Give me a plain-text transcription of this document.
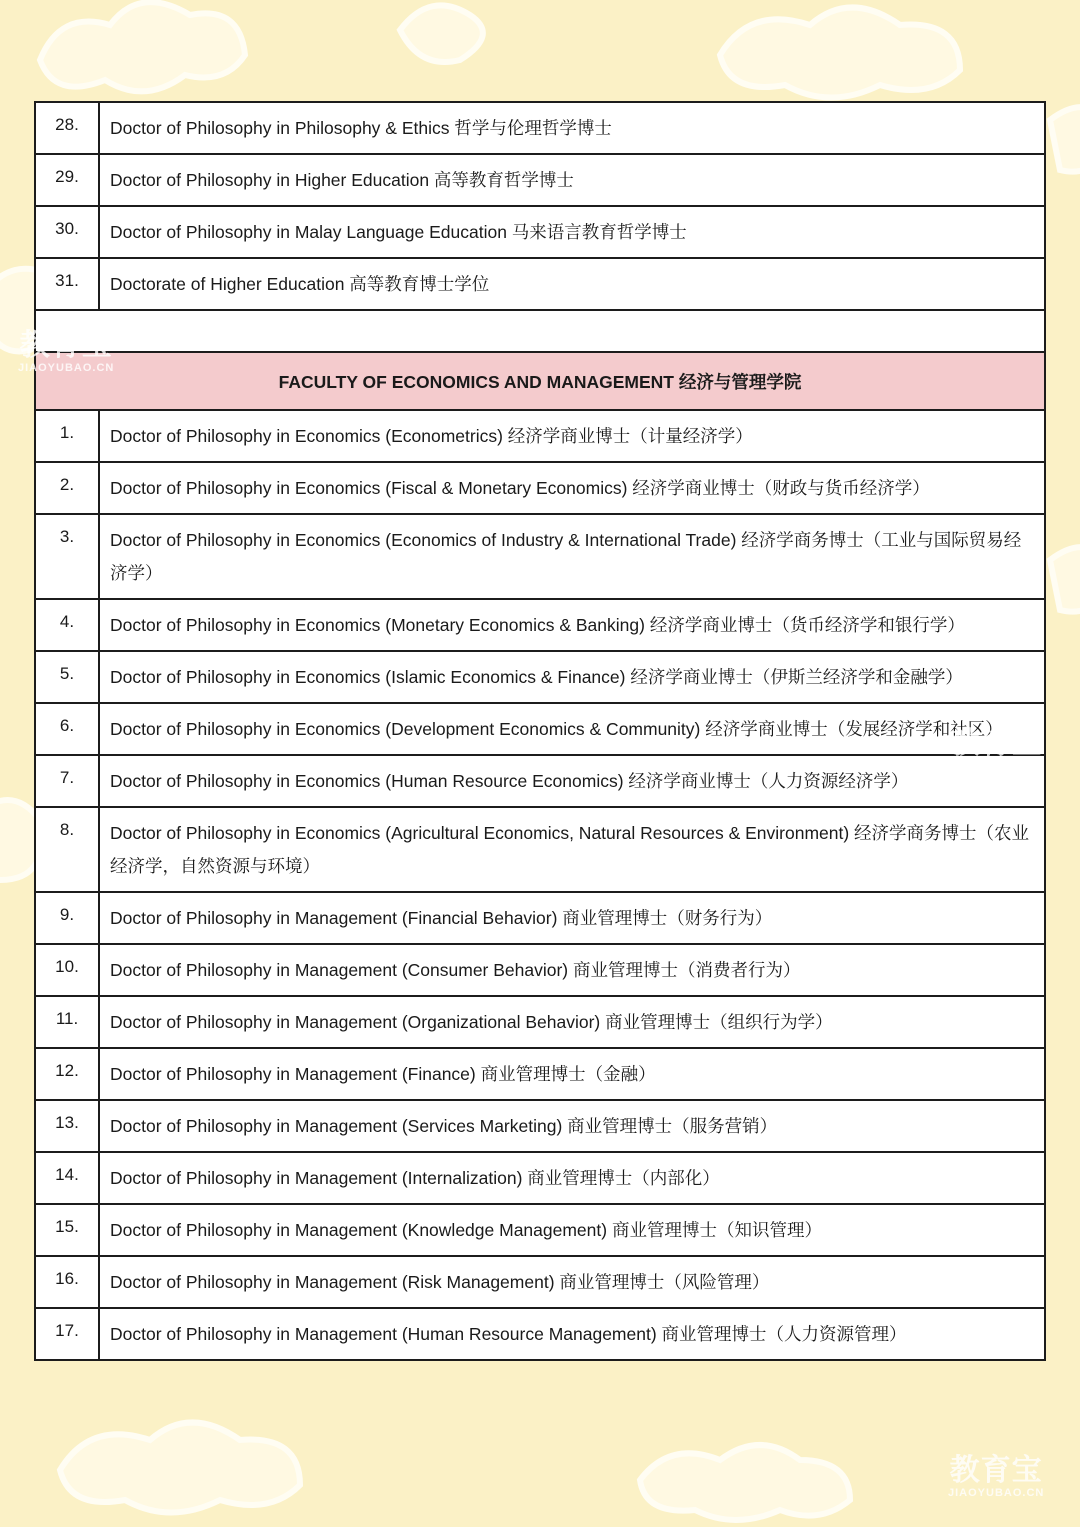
28.	Doctor of Philosophy in Philosophy & Ethics 哲学与伦理哲学博士
29.	Doctor of Philosophy in Higher Education 高等教育哲学博士
30.	Doctor of Philosophy in Malay Language Education 马来语言教育哲学博士
31.	Doctorate of Higher Education 高等教育博士学位

FACULTY OF ECONOMICS AND MANAGEMENT 经济与管理学院	
1.	Doctor of Philosophy in Economics (Econometrics) 经济学商业博士（计量经济学）
2.	Doctor of Philosophy in Economics (Fiscal & Monetary Economics) 经济学商业博士（财政与货币经济学）
3.	Doctor of Philosophy in Economics (Economics of Industry & International Trade) 经济学商务博士（工业与国际贸易经济学）
4.	Doctor of Philosophy in Economics (Monetary Economics & Banking) 经济学商业博士（货币经济学和银行学）
5.	Doctor of Philosophy in Economics (Islamic Economics & Finance) 经济学商业博士（伊斯兰经济学和金融学）
6.	Doctor of Philosophy in Economics (Development Economics & Community) 经济学商业博士（发展经济学和社区）
7.	Doctor of Philosophy in Economics (Human Resource Economics) 经济学商业博士（人力资源经济学）
8.	Doctor of Philosophy in Economics (Agricultural Economics, Natural Resources & Environment) 经济学商务博士（农业经济学，自然资源与环境）
9.	Doctor of Philosophy in Management (Financial Behavior) 商业管理博士（财务行为）
10.	Doctor of Philosophy in Management (Consumer Behavior) 商业管理博士（消费者行为）
11.	Doctor of Philosophy in Management (Organizational Behavior) 商业管理博士（组织行为学）
12.	Doctor of Philosophy in Management (Finance) 商业管理博士（金融）
13.	Doctor of Philosophy in Management (Services Marketing) 商业管理博士（服务营销）
14.	Doctor of Philosophy in Management (Internalization) 商业管理博士（内部化）
15.	Doctor of Philosophy in Management (Knowledge Management) 商业管理博士（知识管理）
16.	Doctor of Philosophy in Management (Risk Management) 商业管理博士（风险管理）
17.	Doctor of Philosophy in Management (Human Resource Management) 商业管理博士（人力资源管理）
教育宝
JIAOYUBAO.CN
教育宝
JIAOYUBAO.CN
教育宝
JIAOYUBAO.CN
